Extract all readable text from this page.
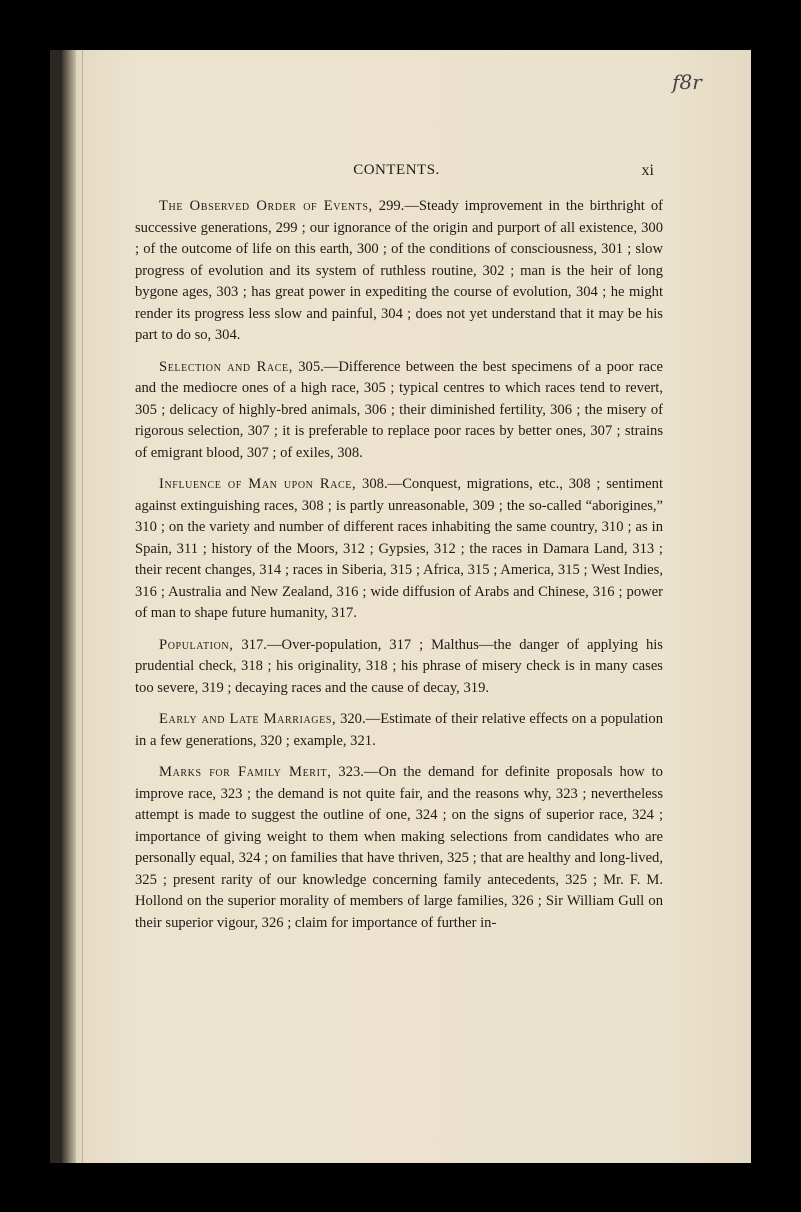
f8r
CONTENTS.	xi

The Observed Order of Events, 299.—Steady improvement in the birthright of successive generations, 299 ; our ignorance of the origin and purport of all existence, 300 ; of the outcome of life on this earth, 300 ; of the conditions of consciousness, 301 ; slow progress of evolution and its system of ruthless routine, 302 ; man is the heir of long bygone ages, 303 ; has great power in expediting the course of evolution, 304 ; he might render its progress less slow and painful, 304 ; does not yet understand that it may be his part to do so, 304.

Selection and Race, 305.—Difference between the best specimens of a poor race and the mediocre ones of a high race, 305 ; typical centres to which races tend to revert, 305 ; delicacy of highly-bred animals, 306 ; their diminished fertility, 306 ; the misery of rigorous selection, 307 ; it is preferable to replace poor races by better ones, 307 ; strains of emigrant blood, 307 ; of exiles, 308.

Influence of Man upon Race, 308.—Conquest, migrations, etc., 308 ; sentiment against extinguishing races, 308 ; is partly unreasonable, 309 ; the so-called “aborigines,” 310 ; on the variety and number of different races inhabiting the same country, 310 ; as in Spain, 311 ; history of the Moors, 312 ; Gypsies, 312 ; the races in Damara Land, 313 ; their recent changes, 314 ; races in Siberia, 315 ; Africa, 315 ; America, 315 ; West Indies, 316 ; Australia and New Zealand, 316 ; wide diffusion of Arabs and Chinese, 316 ; power of man to shape future humanity, 317.

Population, 317.—Over-population, 317 ; Malthus—the danger of applying his prudential check, 318 ; his originality, 318 ; his phrase of misery check is in many cases too severe, 319 ; decaying races and the cause of decay, 319.

Early and Late Marriages, 320.—Estimate of their relative effects on a population in a few generations, 320 ; example, 321.

Marks for Family Merit, 323.—On the demand for definite proposals how to improve race, 323 ; the demand is not quite fair, and the reasons why, 323 ; nevertheless attempt is made to suggest the outline of one, 324 ; on the signs of superior race, 324 ; importance of giving weight to them when making selections from candidates who are personally equal, 324 ; on families that have thriven, 325 ; that are healthy and long-lived, 325 ; present rarity of our knowledge concerning family antecedents, 325 ; Mr. F. M. Hollond on the superior morality of members of large families, 326 ; Sir William Gull on their superior vigour, 326 ; claim for importance of further in-
